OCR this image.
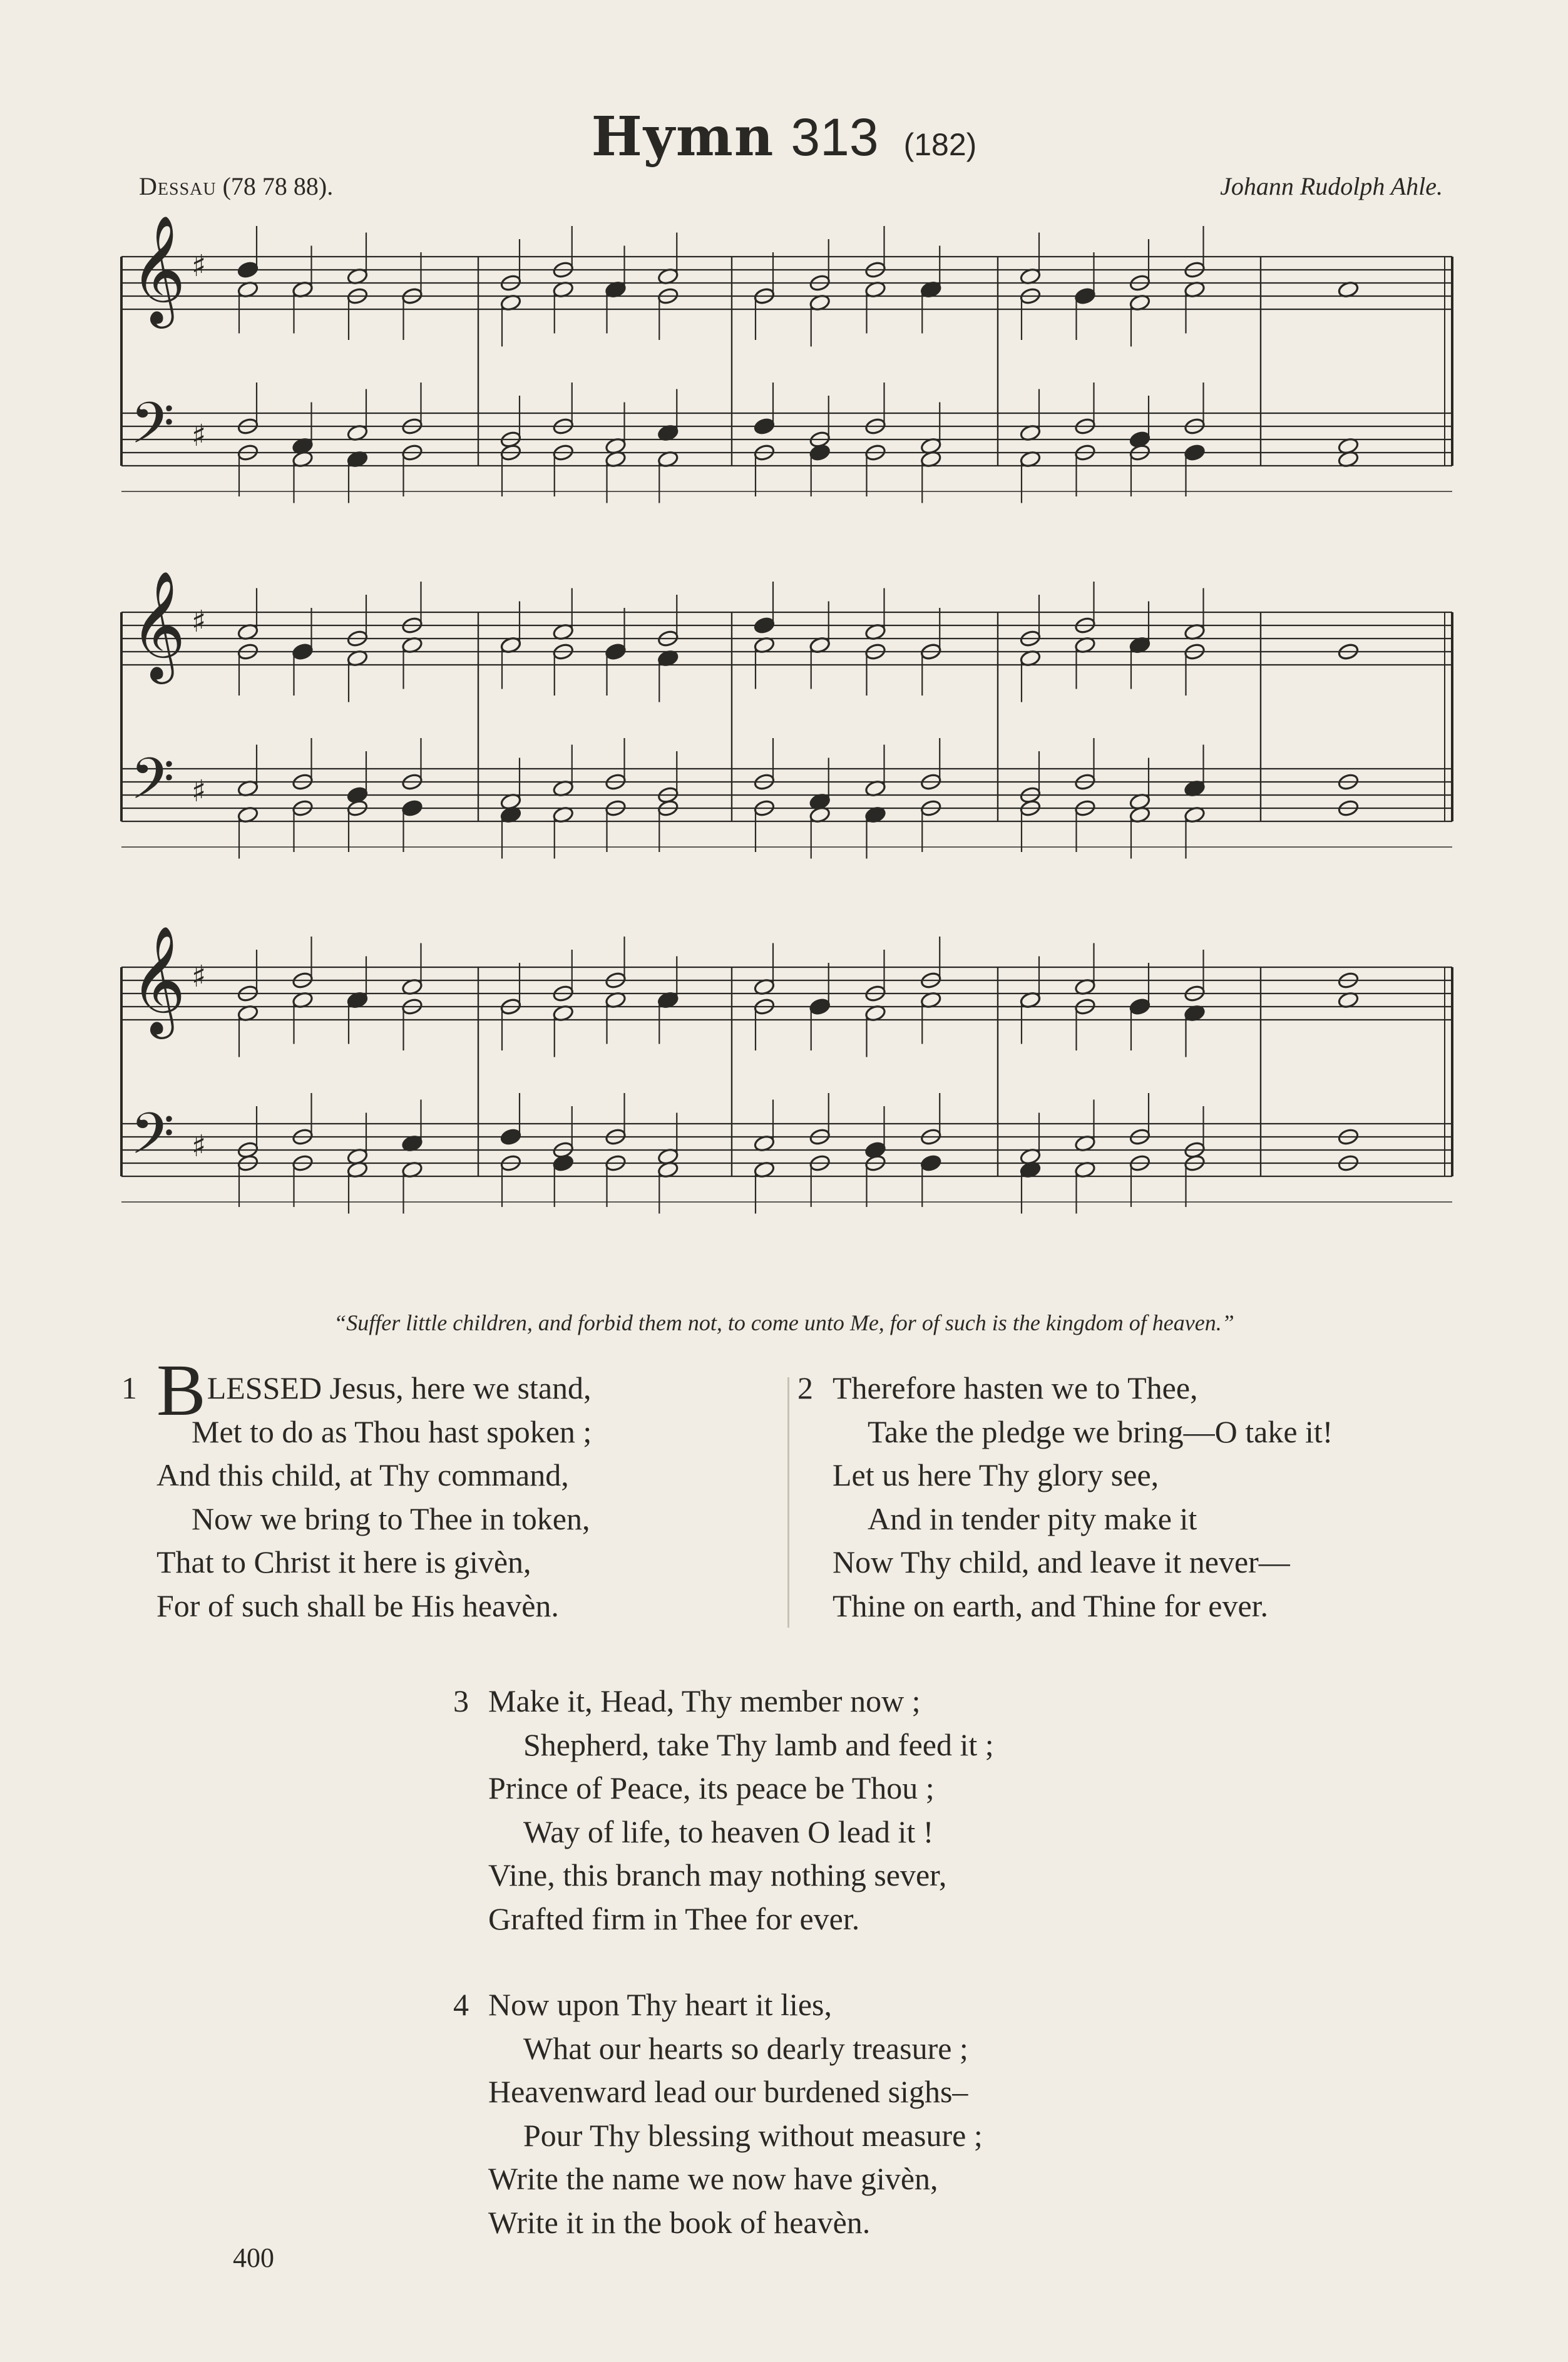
Hymn 313 (182)
Dessau (78 78 88).	Johann Rudolph Ahle.
𝄞
𝄢
♯
♯
𝄞
𝄢
♯
♯
𝄞
𝄢
♯
♯
“Suffer little children, and forbid them not, to come unto Me, for of such is the kingdom of heaven.”
1 BLESSED Jesus, here we stand,
Met to do as Thou hast spoken ;
And this child, at Thy command,
Now we bring to Thee in token,
That to Christ it here is givèn,
For of such shall be His heavèn.
2 Therefore hasten we to Thee,
Take the pledge we bring—O take it!
Let us here Thy glory see,
And in tender pity make it
Now Thy child, and leave it never—
Thine on earth, and Thine for ever.
3 Make it, Head, Thy member now ;
Shepherd, take Thy lamb and feed it ;
Prince of Peace, its peace be Thou ;
Way of life, to heaven O lead it !
Vine, this branch may nothing sever,
Grafted firm in Thee for ever.
4 Now upon Thy heart it lies,
What our hearts so dearly treasure ;
Heavenward lead our burdened sighs–
Pour Thy blessing without measure ;
Write the name we now have givèn,
Write it in the book of heavèn.
400
